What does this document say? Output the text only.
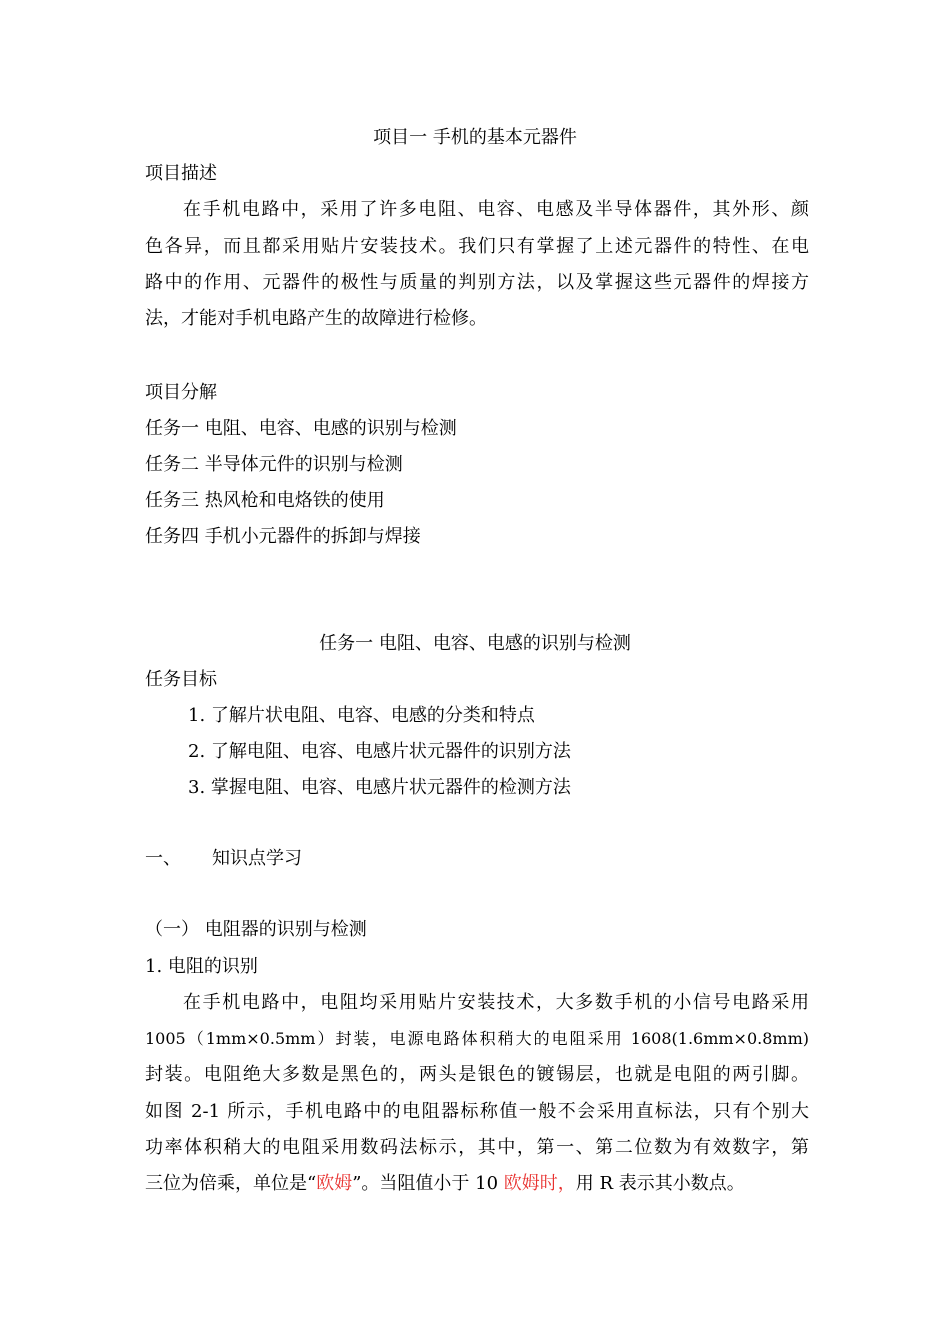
项目一 手机的基本元器件
项目描述
在手机电路中，采用了许多电阻、电容、电感及半导体器件，其外形、颜
色各异，而且都采用贴片安装技术。我们只有掌握了上述元器件的特性、在电
路中的作用、元器件的极性与质量的判别方法，以及掌握这些元器件的焊接方
法，才能对手机电路产生的故障进行检修。
项目分解
任务一 电阻、电容、电感的识别与检测
任务二 半导体元件的识别与检测
任务三 热风枪和电烙铁的使用
任务四 手机小元器件的拆卸与焊接
任务一 电阻、电容、电感的识别与检测
任务目标
1. 了解片状电阻、电容、电感的分类和特点
2. 了解电阻、电容、电感片状元器件的识别方法
3. 掌握电阻、电容、电感片状元器件的检测方法
一、 知识点学习
（一） 电阻器的识别与检测
1. 电阻的识别
在手机电路中，电阻均采用贴片安装技术，大多数手机的小信号电路采用
1005（1mm×0.5mm）封装，电源电路体积稍大的电阻采用 1608(1.6mm×0.8mm)
封装。电阻绝大多数是黑色的，两头是银色的镀锡层，也就是电阻的两引脚。
如图 2-1 所示，手机电路中的电阻器标称值一般不会采用直标法，只有个别大
功率体积稍大的电阻采用数码法标示，其中，第一、第二位数为有效数字，第
三位为倍乘，单位是“欧姆”。当阻值小于 10 欧姆时，用 R 表示其小数点。
